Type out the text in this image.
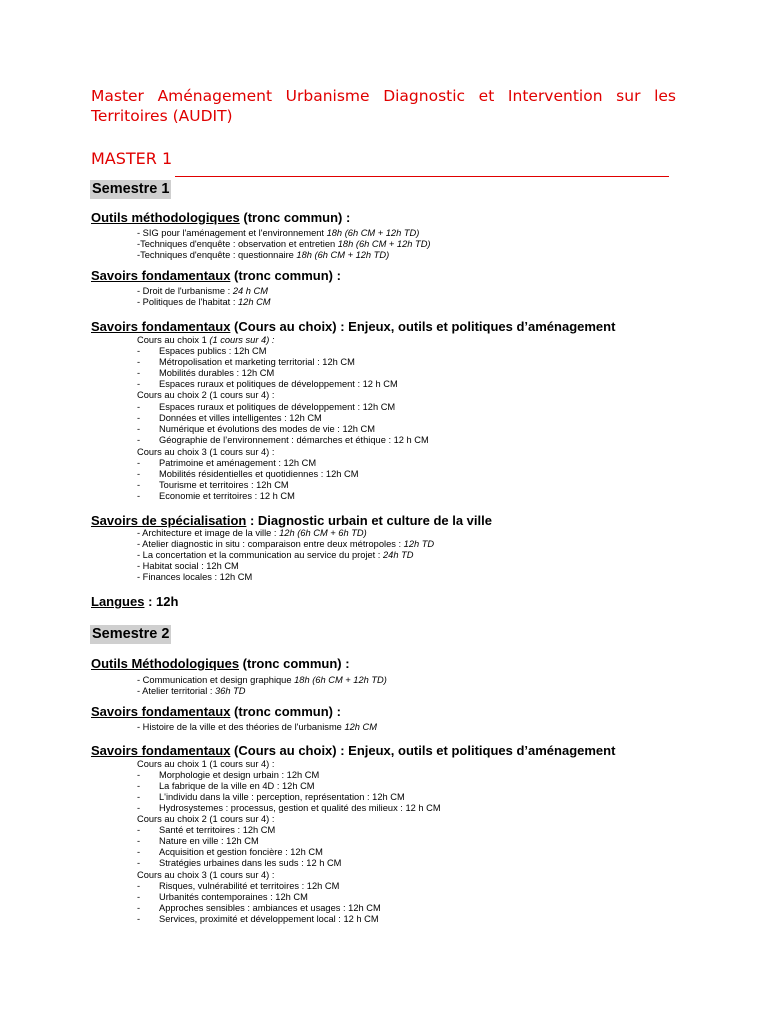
Master Aménagement Urbanisme Diagnostic et Intervention sur les
Territoires (AUDIT)
MASTER 1
Semestre 1
Outils méthodologiques (tronc commun) :
- SIG pour l'aménagement et l'environnement 18h (6h CM + 12h TD)
-Techniques d'enquête : observation et entretien 18h (6h CM + 12h TD)
-Techniques d'enquête : questionnaire 18h (6h CM + 12h TD)
Savoirs fondamentaux (tronc commun) :
- Droit de l'urbanisme : 24 h CM
- Politiques de l'habitat : 12h CM
Savoirs fondamentaux (Cours au choix) : Enjeux, outils et politiques d’aménagement
Cours au choix 1 (1 cours sur 4) :
- Espaces publics : 12h CM
- Métropolisation et marketing territorial : 12h CM
- Mobilités durables : 12h CM
- Espaces ruraux et politiques de développement : 12 h CM
Cours au choix 2 (1 cours sur 4) :
- Espaces ruraux et politiques de développement : 12h CM
- Données et villes intelligentes : 12h CM
- Numérique et évolutions des modes de vie : 12h CM
- Géographie de l’environnement : démarches et éthique : 12 h CM
Cours au choix 3 (1 cours sur 4) :
- Patrimoine et aménagement : 12h CM
- Mobilités résidentielles et quotidiennes : 12h CM
- Tourisme et territoires : 12h CM
- Economie et territoires : 12 h CM
Savoirs de spécialisation : Diagnostic urbain et culture de la ville
- Architecture et image de la ville : 12h (6h CM + 6h TD)
- Atelier diagnostic in situ : comparaison entre deux métropoles : 12h TD
- La concertation et la communication au service du projet : 24h TD
- Habitat social : 12h CM
- Finances locales : 12h CM
Langues : 12h
Semestre 2
Outils Méthodologiques (tronc commun) :
- Communication et design graphique 18h (6h CM + 12h TD)
- Atelier territorial : 36h TD
Savoirs fondamentaux (tronc commun) :
- Histoire de la ville et des théories de l'urbanisme 12h CM
Savoirs fondamentaux (Cours au choix) : Enjeux, outils et politiques d’aménagement
Cours au choix 1 (1 cours sur 4) :
- Morphologie et design urbain : 12h CM
- La fabrique de la ville en 4D : 12h CM
- L'individu dans la ville : perception, représentation : 12h CM
- Hydrosystemes : processus, gestion et qualité des milieux : 12 h CM
Cours au choix 2 (1 cours sur 4) :
- Santé et territoires : 12h CM
- Nature en ville : 12h CM
- Acquisition et gestion foncière : 12h CM
- Stratégies urbaines dans les suds : 12 h CM
Cours au choix 3 (1 cours sur 4) :
- Risques, vulnérabilité et territoires : 12h CM
- Urbanités contemporaines : 12h CM
- Approches sensibles : ambiances et usages : 12h CM
- Services, proximité et développement local : 12 h CM
